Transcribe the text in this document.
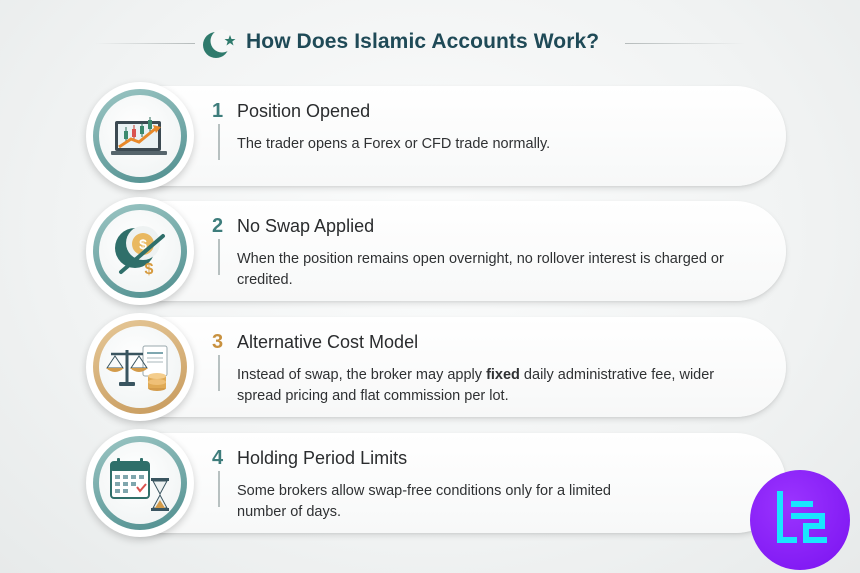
How Does Islamic Accounts Work?
1 Position Opened
The trader opens a Forex or CFD trade normally.
$
$
2 No Swap Applied
When the position remains open overnight, no rollover interest is charged or credited.
3 Alternative Cost Model
Instead of swap, the broker may apply fixed daily administrative fee, wider spread pricing and flat commission per lot.
4 Holding Period Limits
Some brokers allow swap-free conditions only for a limited number of days.
